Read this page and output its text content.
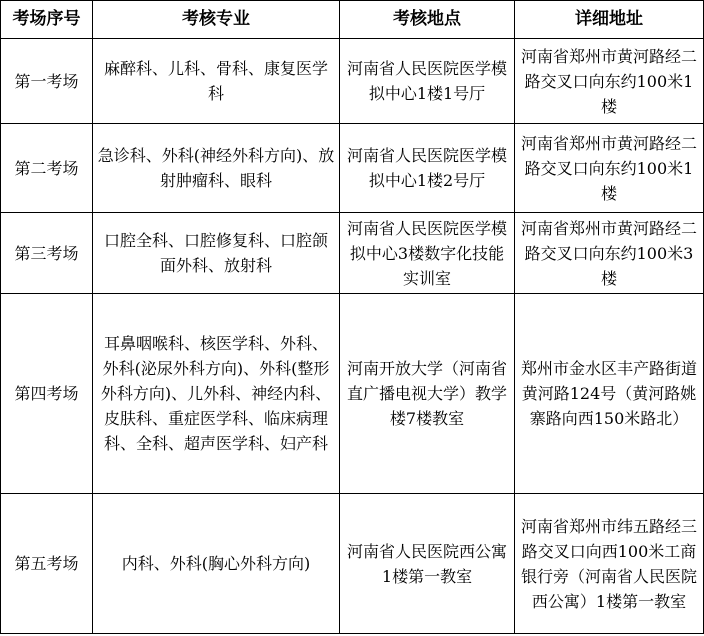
考场序号	考核专业	考核地点	详细地址
第一考场	麻醉科、儿科、骨科、康复医学科	河南省人民医院医学模拟中心1楼1号厅	河南省郑州市黄河路经二路交叉口向东约100米1楼
第二考场	急诊科、外科(神经外科方向)、放射肿瘤科、眼科	河南省人民医院医学模拟中心1楼2号厅	河南省郑州市黄河路经二路交叉口向东约100米1楼
第三考场	口腔全科、口腔修复科、口腔颌面外科、放射科	河南省人民医院医学模拟中心3楼数字化技能实训室	河南省郑州市黄河路经二路交叉口向东约100米3楼
第四考场	耳鼻咽喉科、核医学科、外科、外科(泌尿外科方向)、外科(整形外科方向)、儿外科、神经内科、皮肤科、重症医学科、临床病理科、全科、超声医学科、妇产科	河南开放大学（河南省直广播电视大学）教学楼7楼教室	郑州市金水区丰产路街道黄河路124号（黄河路姚寨路向西150米路北）
第五考场	内科、外科(胸心外科方向)	河南省人民医院西公寓1楼第一教室	河南省郑州市纬五路经三路交叉口向西100米工商银行旁（河南省人民医院西公寓）1楼第一教室
